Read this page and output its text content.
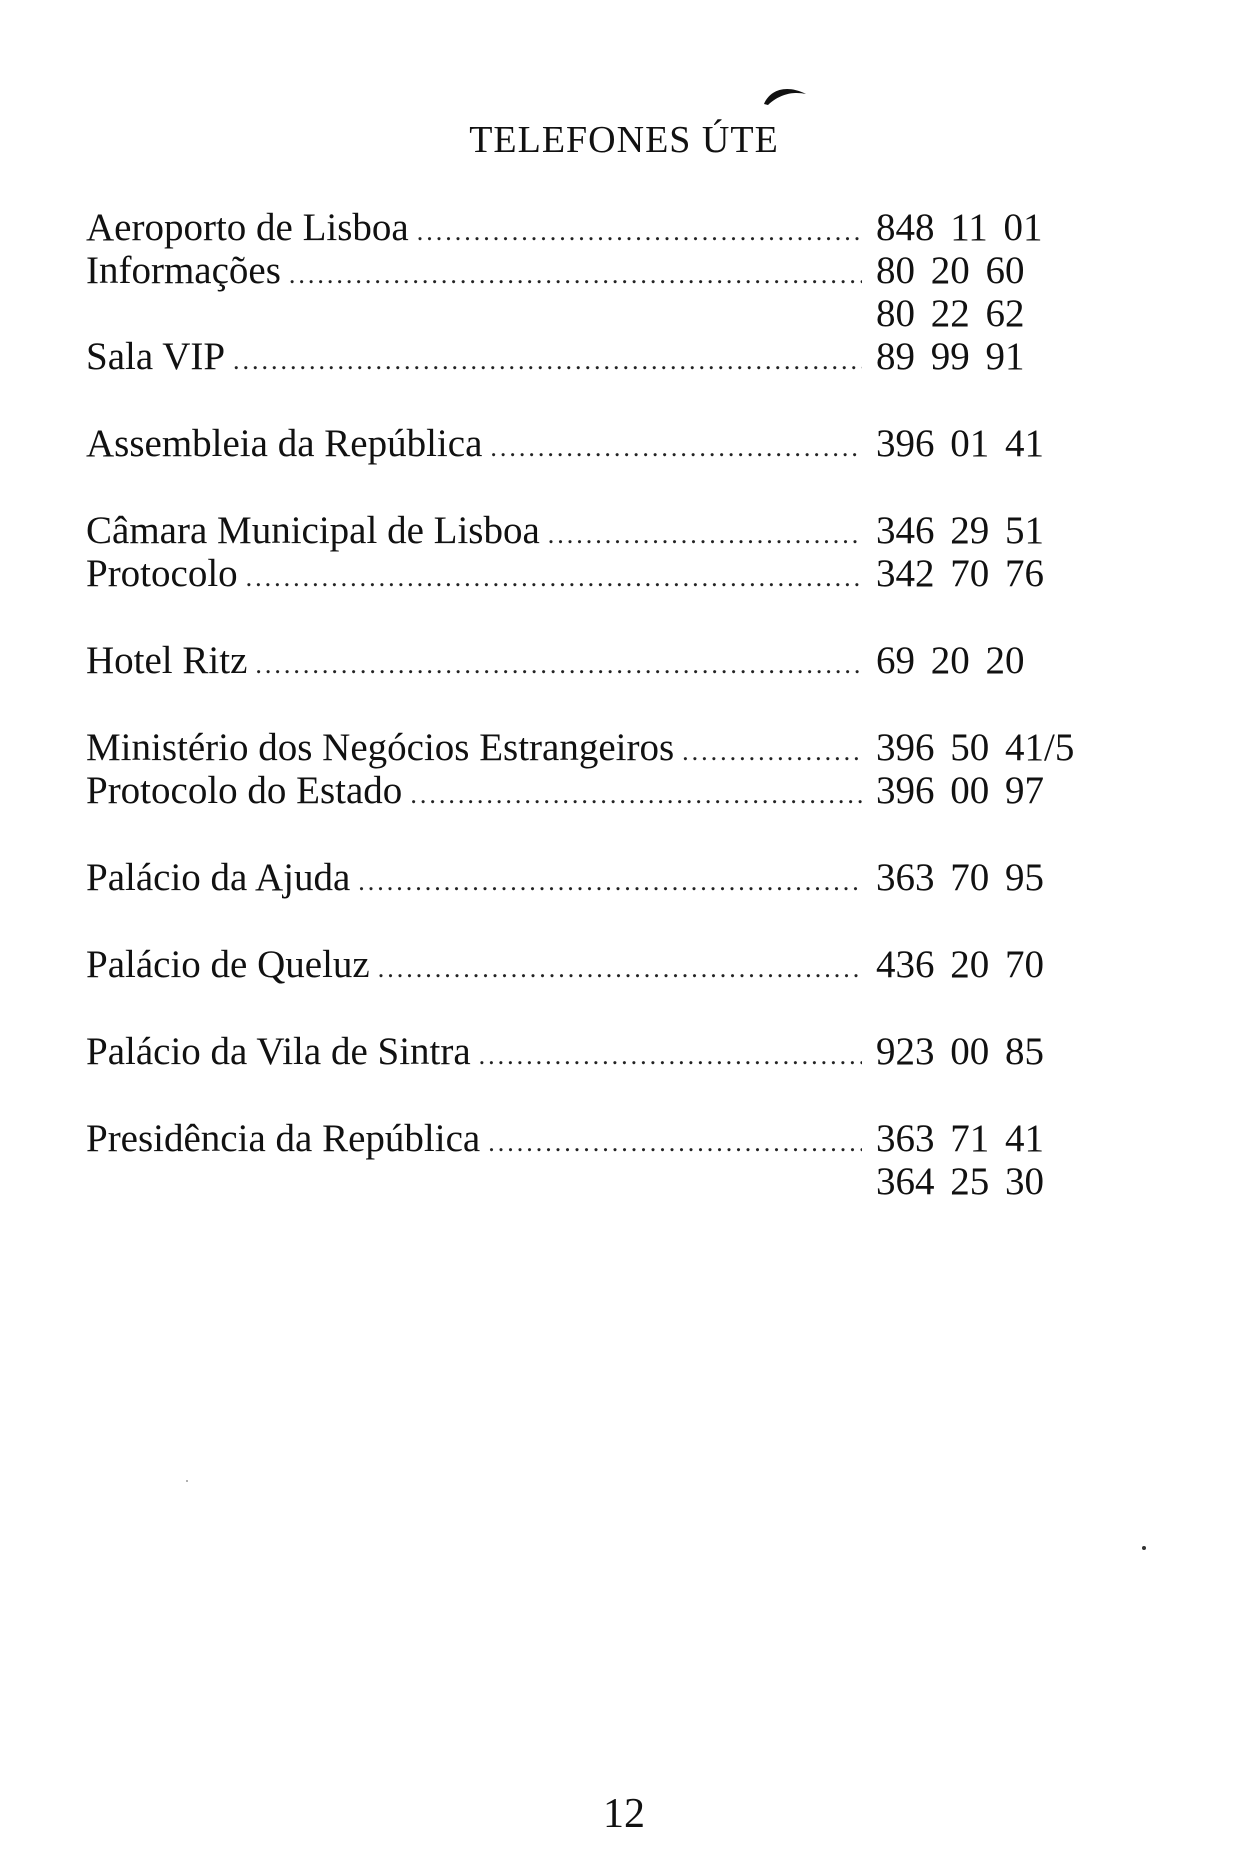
TELEFONES ÚTE
Aeroporto de Lisboa .....	848 11 01
Informações .....	80 20 60
80 22 62
Sala VIP .....	89 99 91
Assembleia da República .....	396 01 41
Câmara Municipal de Lisboa .....	346 29 51
Protocolo .....	342 70 76
Hotel Ritz .....	69 20 20
Ministério dos Negócios Estrangeiros .....	396 50 41/5
Protocolo do Estado .....	396 00 97
Palácio da Ajuda .....	363 70 95
Palácio de Queluz .....	436 20 70
Palácio da Vila de Sintra .....	923 00 85
Presidência da República .....	363 71 41
364 25 30
12
